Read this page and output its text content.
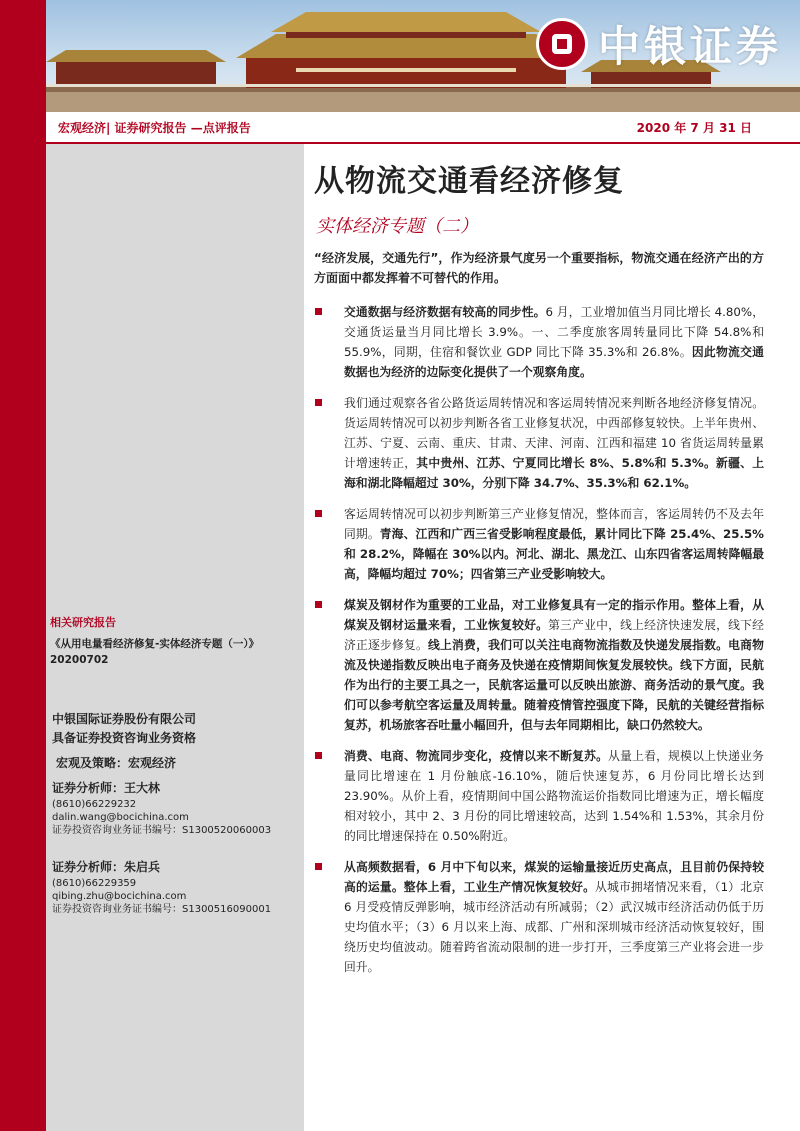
中银证券
宏观经济| 证券研究报告 —点评报告	2020 年 7 月 31 日
相关研究报告
《从用电量看经济修复-实体经济专题（一）》20200702
中银国际证券股份有限公司
具备证券投资咨询业务资格
宏观及策略：宏观经济
证券分析师：王大林
(8610)66229232
dalin.wang@bocichina.com
证券投资咨询业务证书编号：S1300520060003
证券分析师：朱启兵
(8610)66229359
qibing.zhu@bocichina.com
证券投资咨询业务证书编号：S1300516090001
从物流交通看经济修复
实体经济专题（二）
“经济发展，交通先行”，作为经济景气度另一个重要指标，物流交通在经济产出的方方面面中都发挥着不可替代的作用。
交通数据与经济数据有较高的同步性。6 月，工业增加值当月同比增长 4.80%，交通货运量当月同比增长 3.9%。一、二季度旅客周转量同比下降 54.8%和 55.9%，同期，住宿和餐饮业 GDP 同比下降 35.3%和 26.8%。因此物流交通数据也为经济的边际变化提供了一个观察角度。
我们通过观察各省公路货运周转情况和客运周转情况来判断各地经济修复情况。货运周转情况可以初步判断各省工业修复状况，中西部修复较快。上半年贵州、江苏、宁夏、云南、重庆、甘肃、天津、河南、江西和福建 10 省货运周转量累计增速转正，其中贵州、江苏、宁夏同比增长 8%、5.8%和 5.3%。新疆、上海和湖北降幅超过 30%，分别下降 34.7%、35.3%和 62.1%。
客运周转情况可以初步判断第三产业修复情况，整体而言，客运周转仍不及去年同期。青海、江西和广西三省受影响程度最低，累计同比下降 25.4%、25.5%和 28.2%，降幅在 30%以内。河北、湖北、黑龙江、山东四省客运周转降幅最高，降幅均超过 70%；四省第三产业受影响较大。
煤炭及钢材作为重要的工业品，对工业修复具有一定的指示作用。整体上看，从煤炭及钢材运量来看，工业恢复较好。第三产业中，线上经济快速发展，线下经济正逐步修复。线上消费，我们可以关注电商物流指数及快递发展指数。电商物流及快递指数反映出电子商务及快递在疫情期间恢复发展较快。线下方面，民航作为出行的主要工具之一，民航客运量可以反映出旅游、商务活动的景气度。我们可以参考航空客运量及周转量。随着疫情管控强度下降，民航的关键经营指标复苏，机场旅客吞吐量小幅回升，但与去年同期相比，缺口仍然较大。
消费、电商、物流同步变化，疫情以来不断复苏。从量上看，规模以上快递业务量同比增速在 1 月份触底-16.10%，随后快速复苏，6 月份同比增长达到 23.90%。从价上看，疫情期间中国公路物流运价指数同比增速为正，增长幅度相对较小，其中 2、3 月份的同比增速较高，达到 1.54%和 1.53%，其余月份的同比增速保持在 0.50%附近。
从高频数据看，6 月中下旬以来，煤炭的运输量接近历史高点，且目前仍保持较高的运量。整体上看，工业生产情况恢复较好。从城市拥堵情况来看，（1）北京 6 月受疫情反弹影响，城市经济活动有所减弱；（2）武汉城市经济活动仍低于历史均值水平；（3）6 月以来上海、成都、广州和深圳城市经济活动恢复较好，围绕历史均值波动。随着跨省流动限制的进一步打开，三季度第三产业将会进一步回升。
